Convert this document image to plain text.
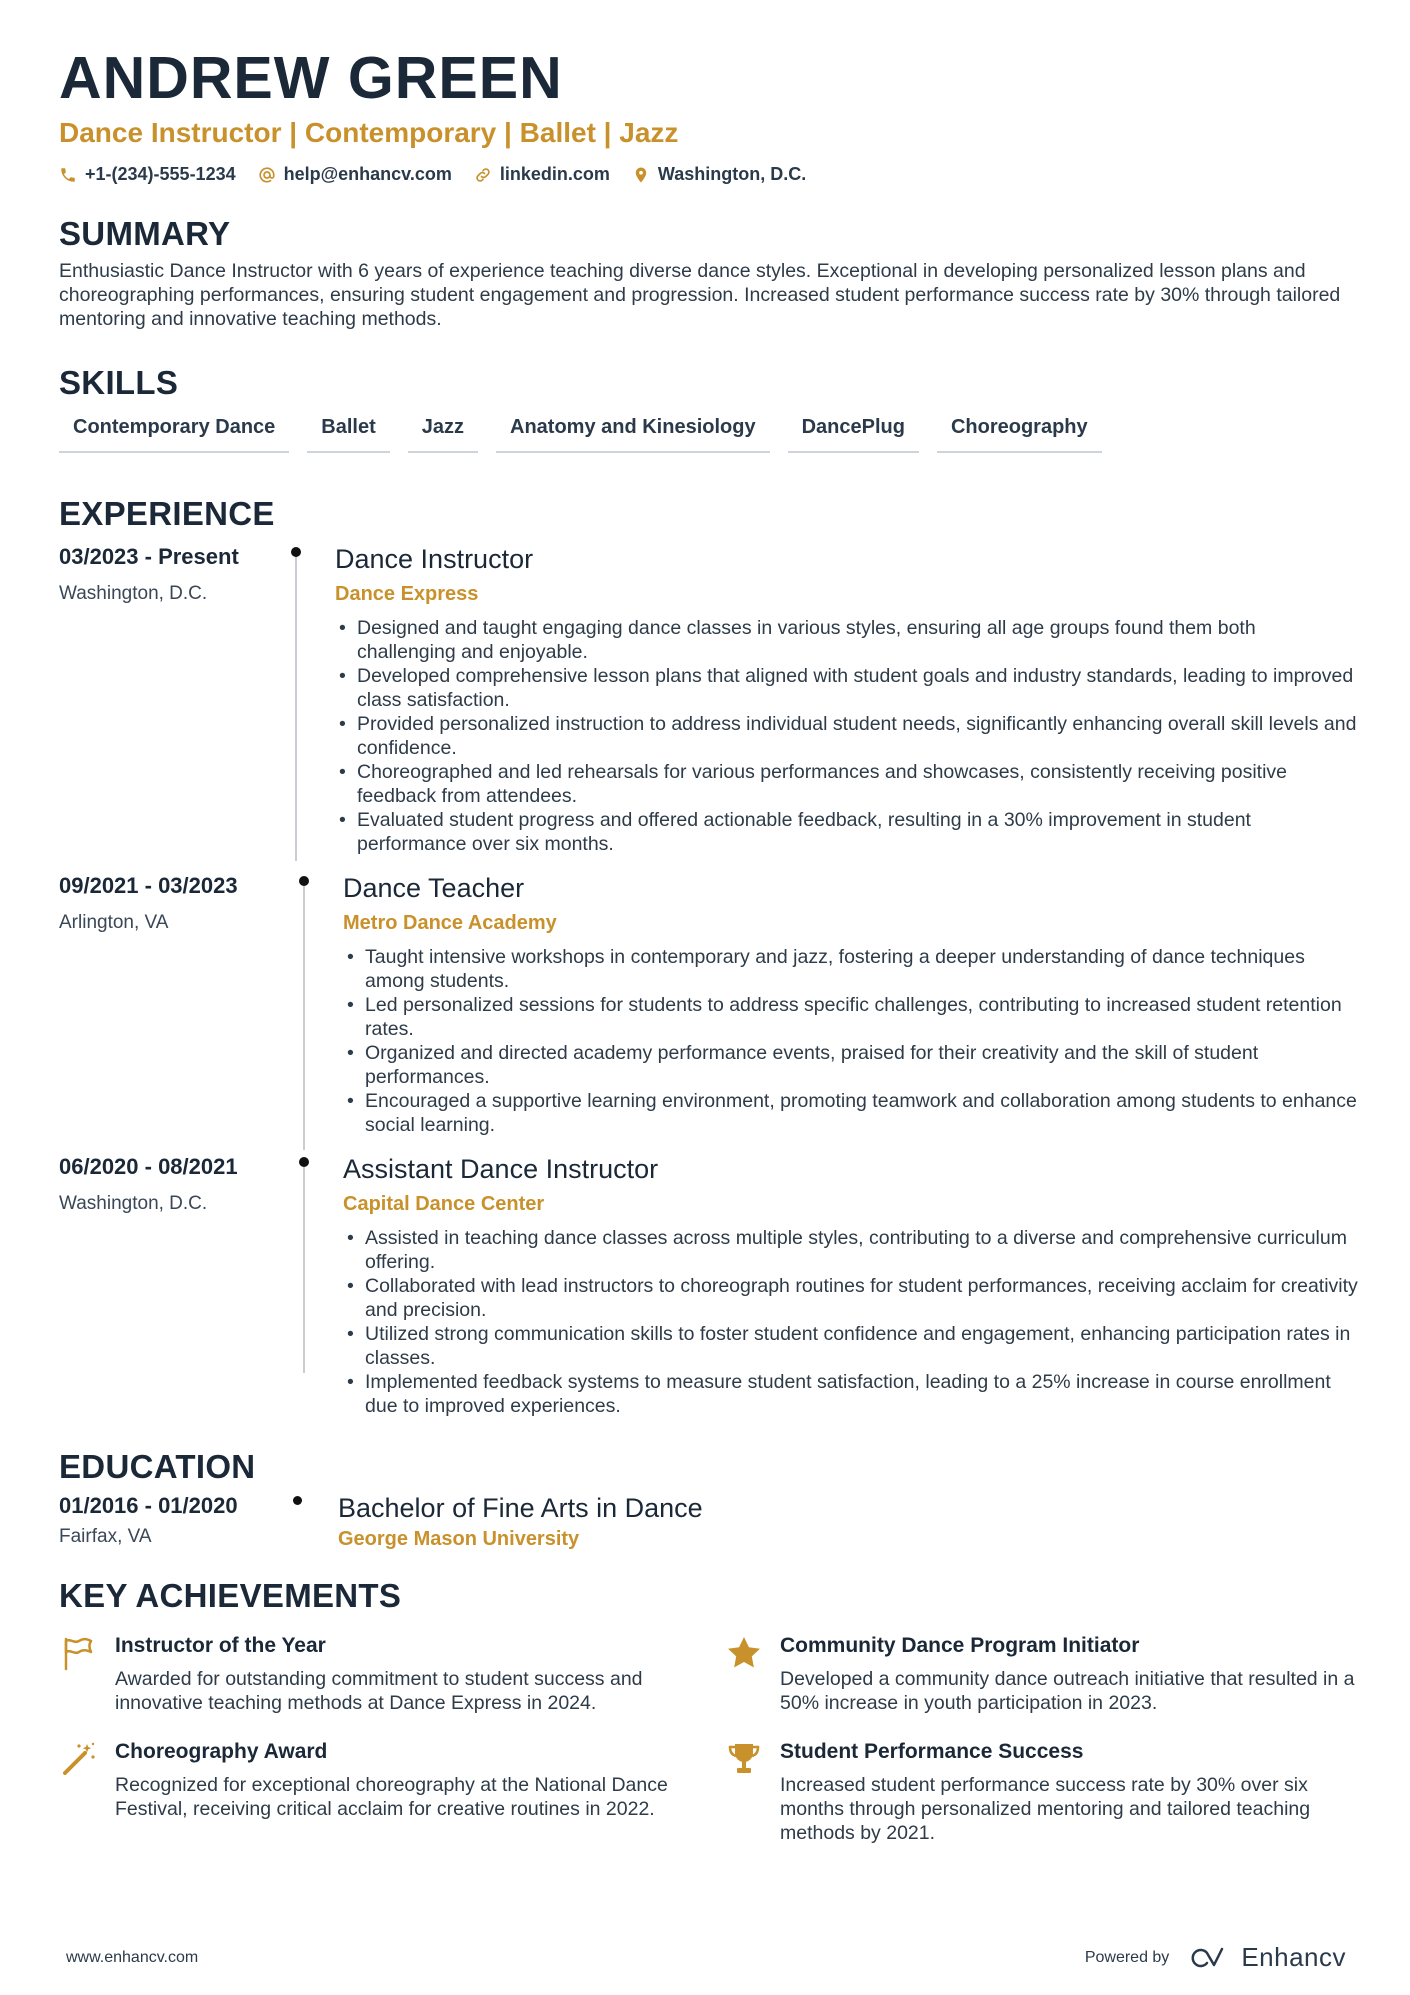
ANDREW GREEN
Dance Instructor | Contemporary | Ballet | Jazz
+1-(234)-555-1234	help@enhancv.com	linkedin.com	Washington, D.C.
SUMMARY
Enthusiastic Dance Instructor with 6 years of experience teaching diverse dance styles. Exceptional in developing personalized lesson plans and choreographing performances, ensuring student engagement and progression. Increased student performance success rate by 30% through tailored mentoring and innovative teaching methods.
SKILLS
Contemporary Dance	Ballet	Jazz	Anatomy and Kinesiology	DancePlug	Choreography
EXPERIENCE
03/2023 - Present
Washington, D.C.
Dance Instructor
Dance Express
• Designed and taught engaging dance classes in various styles, ensuring all age groups found them both challenging and enjoyable.
• Developed comprehensive lesson plans that aligned with student goals and industry standards, leading to improved class satisfaction.
• Provided personalized instruction to address individual student needs, significantly enhancing overall skill levels and confidence.
• Choreographed and led rehearsals for various performances and showcases, consistently receiving positive feedback from attendees.
• Evaluated student progress and offered actionable feedback, resulting in a 30% improvement in student performance over six months.
09/2021 - 03/2023
Arlington, VA
Dance Teacher
Metro Dance Academy
• Taught intensive workshops in contemporary and jazz, fostering a deeper understanding of dance techniques among students.
• Led personalized sessions for students to address specific challenges, contributing to increased student retention rates.
• Organized and directed academy performance events, praised for their creativity and the skill of student performances.
• Encouraged a supportive learning environment, promoting teamwork and collaboration among students to enhance social learning.
06/2020 - 08/2021
Washington, D.C.
Assistant Dance Instructor
Capital Dance Center
• Assisted in teaching dance classes across multiple styles, contributing to a diverse and comprehensive curriculum offering.
• Collaborated with lead instructors to choreograph routines for student performances, receiving acclaim for creativity and precision.
• Utilized strong communication skills to foster student confidence and engagement, enhancing participation rates in classes.
• Implemented feedback systems to measure student satisfaction, leading to a 25% increase in course enrollment due to improved experiences.
EDUCATION
01/2016 - 01/2020
Fairfax, VA
Bachelor of Fine Arts in Dance
George Mason University
KEY ACHIEVEMENTS
Instructor of the Year
Awarded for outstanding commitment to student success and innovative teaching methods at Dance Express in 2024.
Community Dance Program Initiator
Developed a community dance outreach initiative that resulted in a 50% increase in youth participation in 2023.
Choreography Award
Recognized for exceptional choreography at the National Dance Festival, receiving critical acclaim for creative routines in 2022.
Student Performance Success
Increased student performance success rate by 30% over six months through personalized mentoring and tailored teaching methods by 2021.
www.enhancv.com	Powered by	Enhancv
